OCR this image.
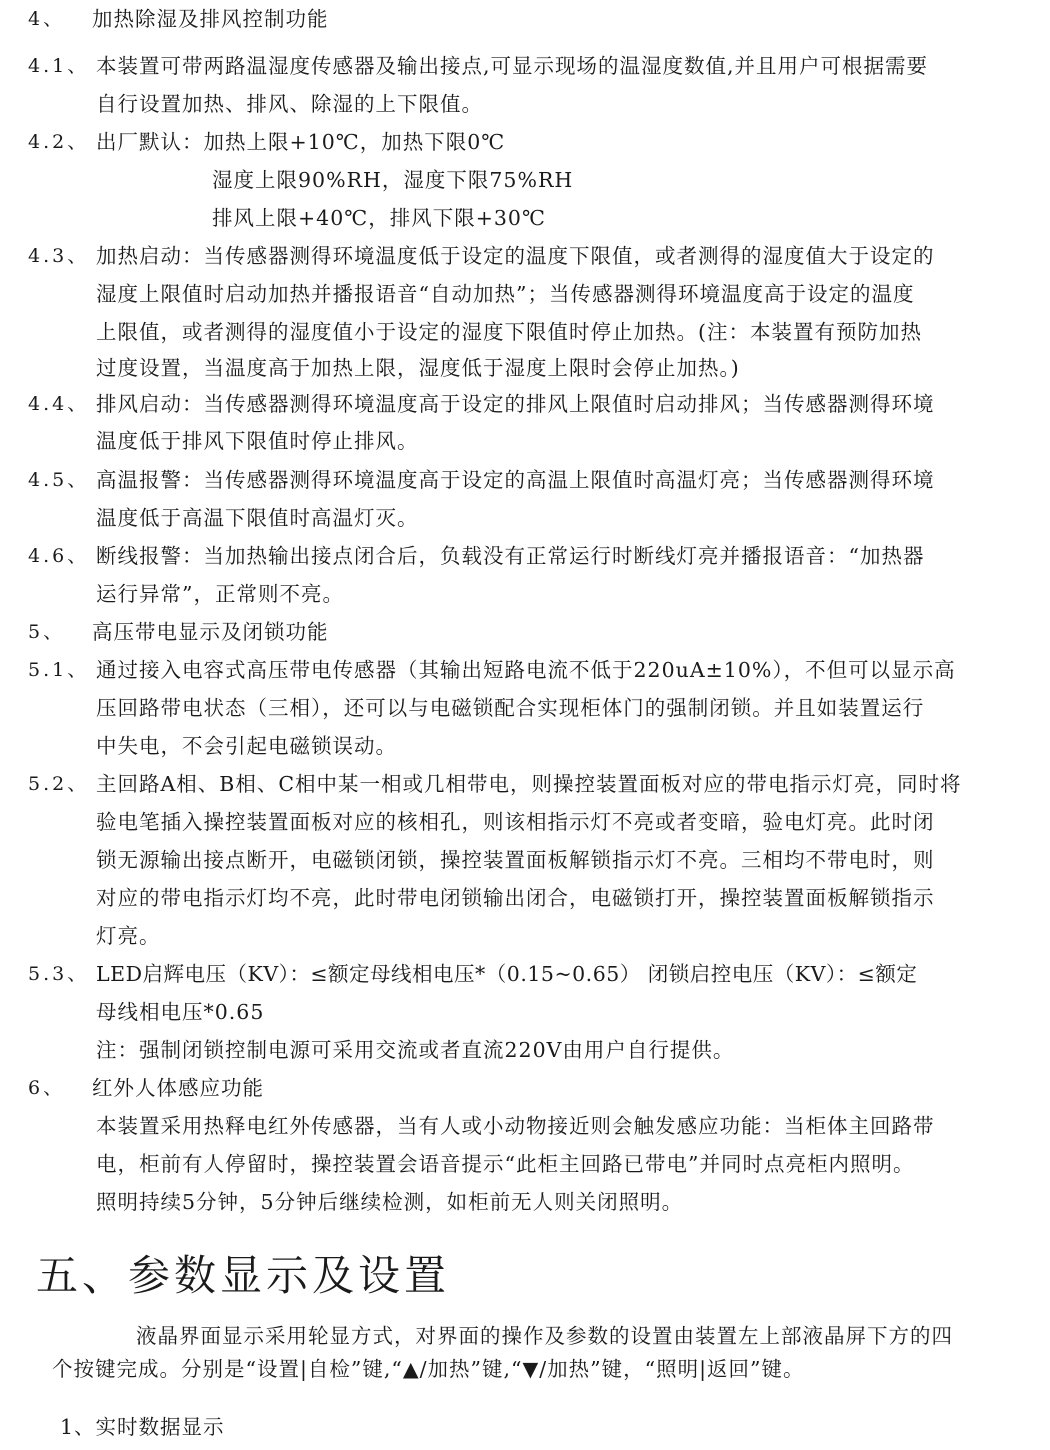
4、 加热除湿及排风控制功能
4.1、 本装置可带两路温湿度传感器及输出接点,可显示现场的温湿度数值,并且用户可根据需要
自行设置加热、排风、除湿的上下限值。
4.2、 出厂默认：加热上限+10℃，加热下限0℃
湿度上限90%RH，湿度下限75%RH
排风上限+40℃，排风下限+30℃
4.3、 加热启动：当传感器测得环境温度低于设定的温度下限值，或者测得的湿度值大于设定的
湿度上限值时启动加热并播报语音“自动加热”；当传感器测得环境温度高于设定的温度
上限值，或者测得的湿度值小于设定的湿度下限值时停止加热。(注：本装置有预防加热
过度设置，当温度高于加热上限，湿度低于湿度上限时会停止加热。)
4.4、 排风启动：当传感器测得环境温度高于设定的排风上限值时启动排风；当传感器测得环境
温度低于排风下限值时停止排风。
4.5、 高温报警：当传感器测得环境温度高于设定的高温上限值时高温灯亮；当传感器测得环境
温度低于高温下限值时高温灯灭。
4.6、 断线报警：当加热输出接点闭合后，负载没有正常运行时断线灯亮并播报语音：“加热器
运行异常”，正常则不亮。
5、 高压带电显示及闭锁功能
5.1、 通过接入电容式高压带电传感器（其输出短路电流不低于220uA±10%），不但可以显示高
压回路带电状态（三相），还可以与电磁锁配合实现柜体门的强制闭锁。并且如装置运行
中失电，不会引起电磁锁误动。
5.2、 主回路A相、B相、C相中某一相或几相带电，则操控装置面板对应的带电指示灯亮，同时将
验电笔插入操控装置面板对应的核相孔，则该相指示灯不亮或者变暗，验电灯亮。此时闭
锁无源输出接点断开，电磁锁闭锁，操控装置面板解锁指示灯不亮。三相均不带电时，则
对应的带电指示灯均不亮，此时带电闭锁输出闭合，电磁锁打开，操控装置面板解锁指示
灯亮。
5.3、 LED启辉电压（KV）：≤额定母线相电压*（0.15~0.65） 闭锁启控电压（KV）：≤额定
母线相电压*0.65
注：强制闭锁控制电源可采用交流或者直流220V由用户自行提供。
6、 红外人体感应功能
本装置采用热释电红外传感器，当有人或小动物接近则会触发感应功能：当柜体主回路带
电，柜前有人停留时，操控装置会语音提示“此柜主回路已带电”并同时点亮柜内照明。
照明持续5分钟，5分钟后继续检测，如柜前无人则关闭照明。
五、参数显示及设置
液晶界面显示采用轮显方式，对界面的操作及参数的设置由装置左上部液晶屏下方的四
个按键完成。分别是“设置|自检”键,“▲/加热”键,“▼/加热”键，“照明|返回”键。
1、实时数据显示
